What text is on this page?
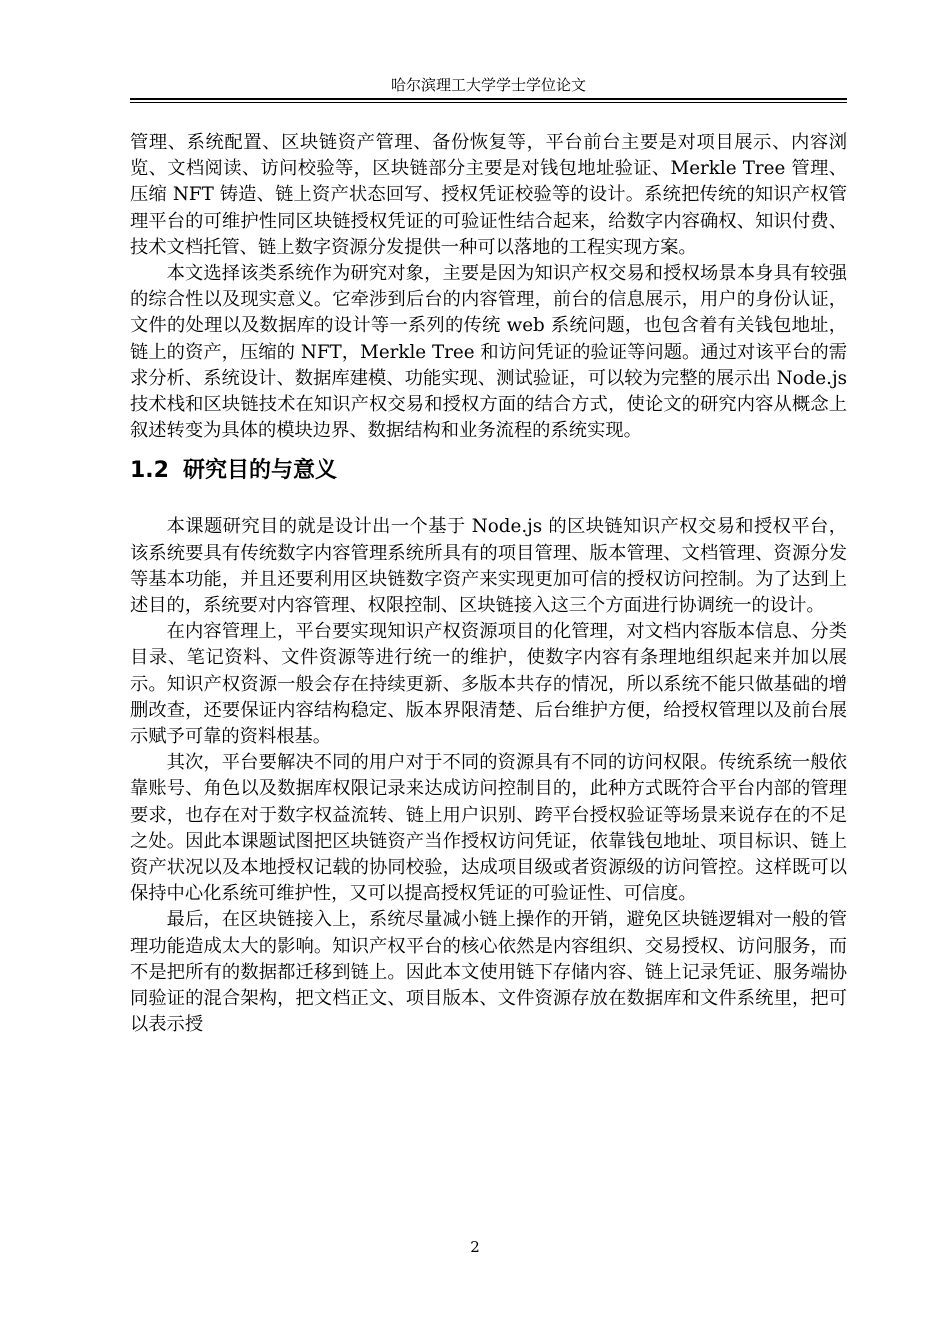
哈尔滨理工大学学士学位论文

管理、系统配置、区块链资产管理、备份恢复等，平台前台主要是对项目展示、内容浏览、文档阅读、访问校验等，区块链部分主要是对钱包地址验证、Merkle Tree 管理、压缩 NFT 铸造、链上资产状态回写、授权凭证校验等的设计。系统把传统的知识产权管理平台的可维护性同区块链授权凭证的可验证性结合起来，给数字内容确权、知识付费、技术文档托管、链上数字资源分发提供一种可以落地的工程实现方案。

本文选择该类系统作为研究对象，主要是因为知识产权交易和授权场景本身具有较强的综合性以及现实意义。它牵涉到后台的内容管理，前台的信息展示，用户的身份认证，文件的处理以及数据库的设计等一系列的传统 web 系统问题，也包含着有关钱包地址，链上的资产，压缩的 NFT，Merkle Tree 和访问凭证的验证等问题。通过对该平台的需求分析、系统设计、数据库建模、功能实现、测试验证，可以较为完整的展示出 Node.js 技术栈和区块链技术在知识产权交易和授权方面的结合方式，使论文的研究内容从概念上叙述转变为具体的模块边界、数据结构和业务流程的系统实现。

1.2 研究目的与意义

本课题研究目的就是设计出一个基于 Node.js 的区块链知识产权交易和授权平台，该系统要具有传统数字内容管理系统所具有的项目管理、版本管理、文档管理、资源分发等基本功能，并且还要利用区块链数字资产来实现更加可信的授权访问控制。为了达到上述目的，系统要对内容管理、权限控制、区块链接入这三个方面进行协调统一的设计。

在内容管理上，平台要实现知识产权资源项目的化管理，对文档内容版本信息、分类目录、笔记资料、文件资源等进行统一的维护，使数字内容有条理地组织起来并加以展示。知识产权资源一般会存在持续更新、多版本共存的情况，所以系统不能只做基础的增删改查，还要保证内容结构稳定、版本界限清楚、后台维护方便，给授权管理以及前台展示赋予可靠的资料根基。

其次，平台要解决不同的用户对于不同的资源具有不同的访问权限。传统系统一般依靠账号、角色以及数据库权限记录来达成访问控制目的，此种方式既符合平台内部的管理要求，也存在对于数字权益流转、链上用户识别、跨平台授权验证等场景来说存在的不足之处。因此本课题试图把区块链资产当作授权访问凭证，依靠钱包地址、项目标识、链上资产状况以及本地授权记载的协同校验，达成项目级或者资源级的访问管控。这样既可以保持中心化系统可维护性，又可以提高授权凭证的可验证性、可信度。

最后，在区块链接入上，系统尽量减小链上操作的开销，避免区块链逻辑对一般的管理功能造成太大的影响。知识产权平台的核心依然是内容组织、交易授权、访问服务，而不是把所有的数据都迁移到链上。因此本文使用链下存储内容、链上记录凭证、服务端协同验证的混合架构，把文档正文、项目版本、文件资源存放在数据库和文件系统里，把可以表示授

2
